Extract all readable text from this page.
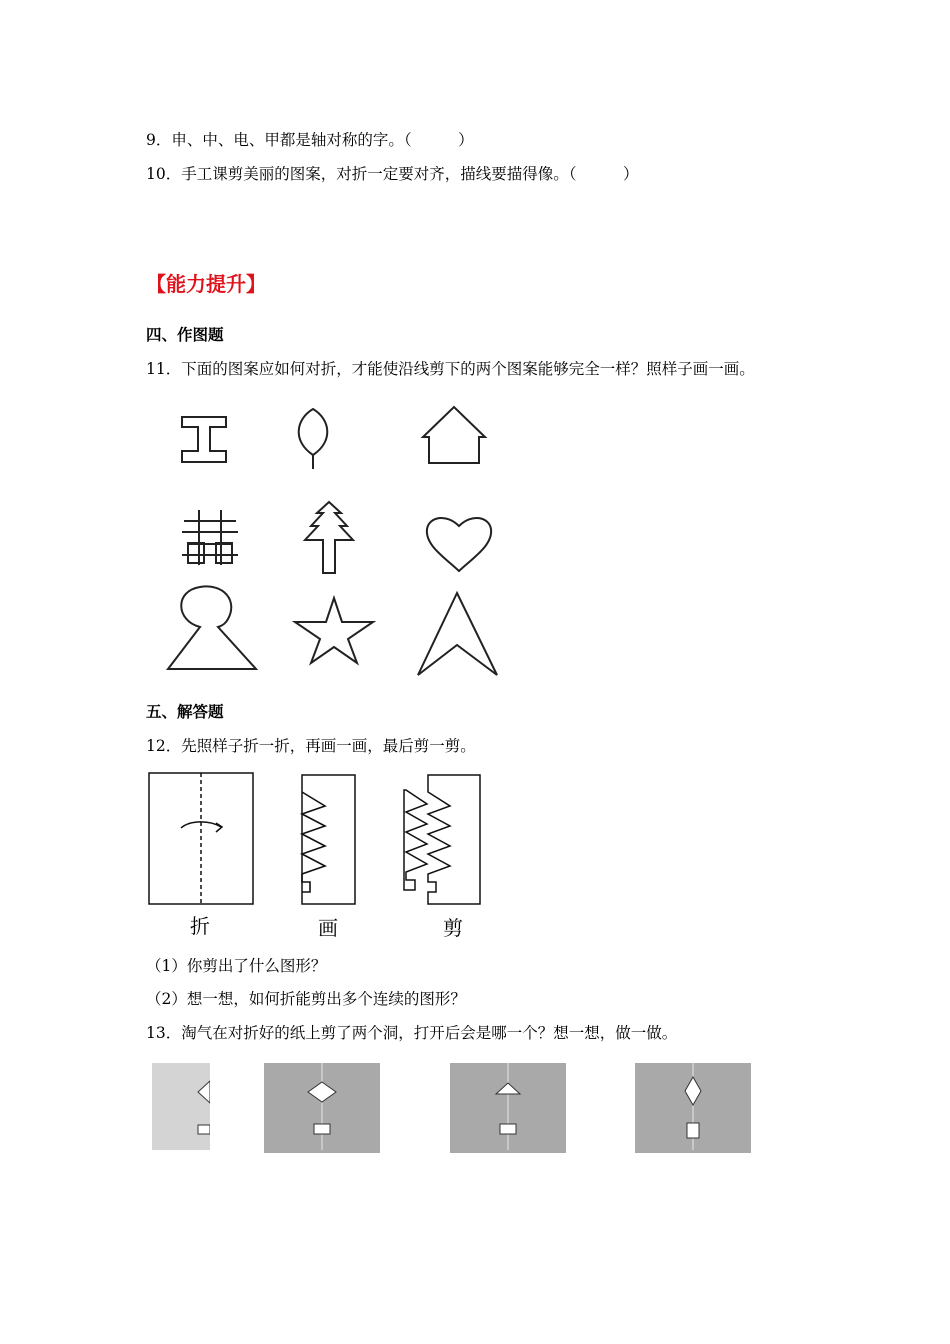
9．申、中、电、甲都是轴对称的字。（　　　）
10．手工课剪美丽的图案，对折一定要对齐，描线要描得像。（　　　）
【能力提升】
四、作图题
11．下面的图案应如何对折，才能使沿线剪下的两个图案能够完全一样？照样子画一画。
五、解答题
12．先照样子折一折，再画一画，最后剪一剪。
折	画	剪
（1）你剪出了什么图形？
（2）想一想，如何折能剪出多个连续的图形？
13．淘气在对折好的纸上剪了两个洞，打开后会是哪一个？想一想，做一做。
